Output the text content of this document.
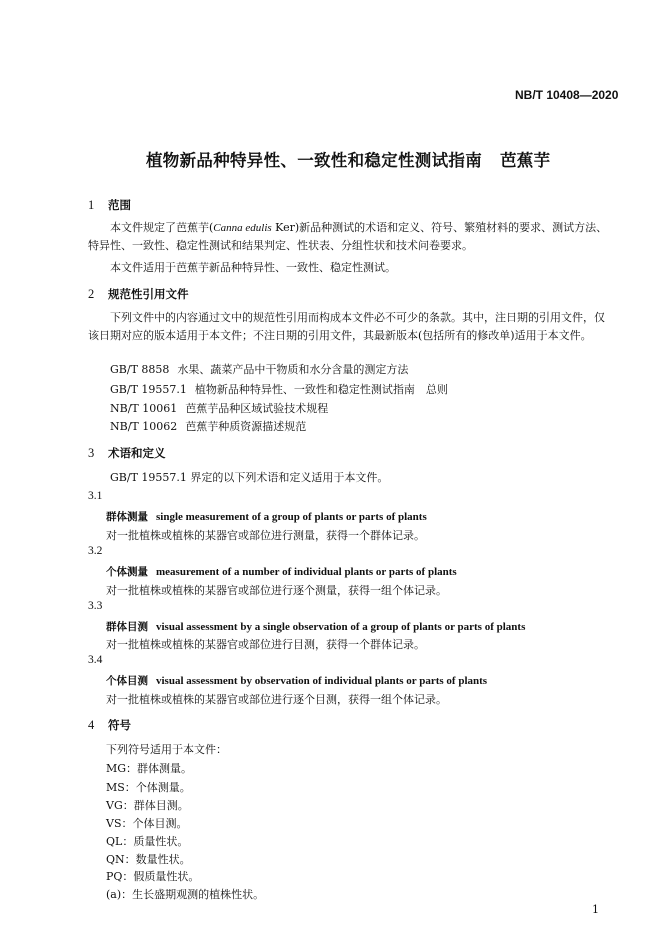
NB/T 10408—2020
植物新品种特异性、一致性和稳定性测试指南 芭蕉芋
1 范围
本文件规定了芭蕉芋(Canna edulis Ker)新品种测试的术语和定义、符号、繁殖材料的要求、测试方法、特异性、一致性、稳定性测试和结果判定、性状表、分组性状和技术问卷要求。
本文件适用于芭蕉芋新品种特异性、一致性、稳定性测试。
2 规范性引用文件
下列文件中的内容通过文中的规范性引用而构成本文件必不可少的条款。其中，注日期的引用文件，仅该日期对应的版本适用于本文件；不注日期的引用文件，其最新版本(包括所有的修改单)适用于本文件。
GB/T 8858 水果、蔬菜产品中干物质和水分含量的测定方法
GB/T 19557.1 植物新品种特异性、一致性和稳定性测试指南　总则
NB/T 10061 芭蕉芋品种区域试验技术规程
NB/T 10062 芭蕉芋种质资源描述规范
3 术语和定义
GB/T 19557.1 界定的以下列术语和定义适用于本文件。
3.1
群体测量 single measurement of a group of plants or parts of plants
对一批植株或植株的某器官或部位进行测量，获得一个群体记录。
3.2
个体测量 measurement of a number of individual plants or parts of plants
对一批植株或植株的某器官或部位进行逐个测量，获得一组个体记录。
3.3
群体目测 visual assessment by a single observation of a group of plants or parts of plants
对一批植株或植株的某器官或部位进行目测，获得一个群体记录。
3.4
个体目测 visual assessment by observation of individual plants or parts of plants
对一批植株或植株的某器官或部位进行逐个目测，获得一组个体记录。
4 符号
下列符号适用于本文件：
MG：群体测量。
MS：个体测量。
VG：群体目测。
VS：个体目测。
QL：质量性状。
QN：数量性状。
PQ：假质量性状。
(a)：生长盛期观测的植株性状。
1
